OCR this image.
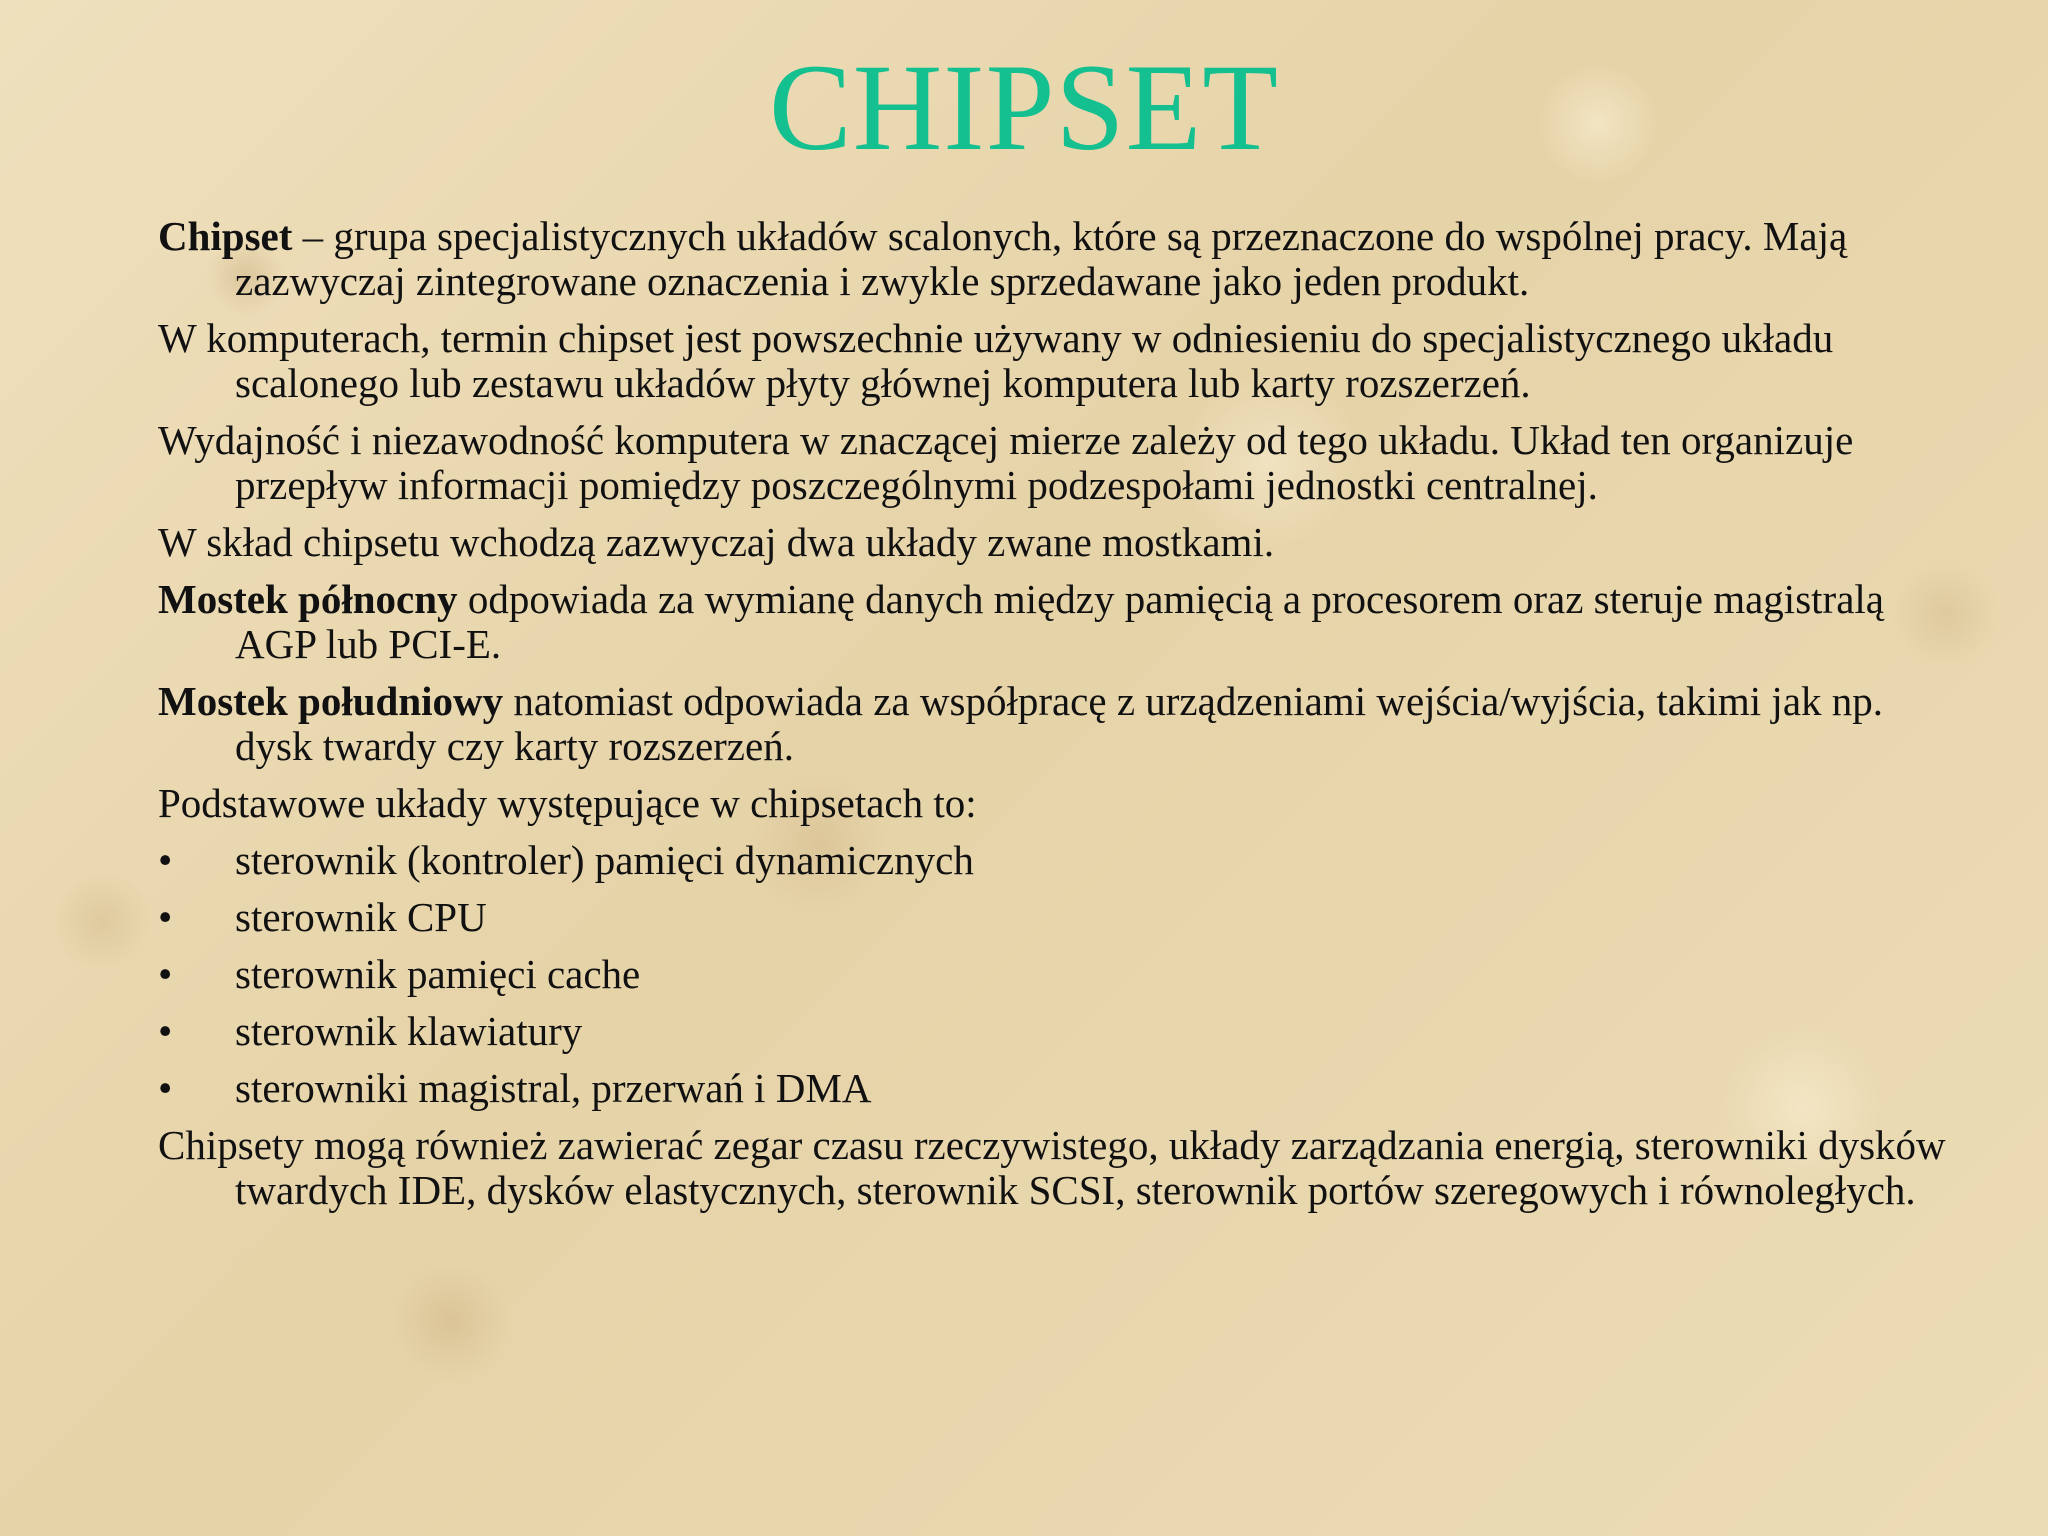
CHIPSET

Chipset – grupa specjalistycznych układów scalonych, które są przeznaczone do wspólnej pracy. Mają zazwyczaj zintegrowane oznaczenia i zwykle sprzedawane jako jeden produkt.

W komputerach, termin chipset jest powszechnie używany w odniesieniu do specjalistycznego układu scalonego lub zestawu układów płyty głównej komputera lub karty rozszerzeń.

Wydajność i niezawodność komputera w znaczącej mierze zależy od tego układu. Układ ten organizuje przepływ informacji pomiędzy poszczególnymi podzespołami jednostki centralnej.

W skład chipsetu wchodzą zazwyczaj dwa układy zwane mostkami.

Mostek północny odpowiada za wymianę danych między pamięcią a procesorem oraz steruje magistralą AGP lub PCI-E.

Mostek południowy natomiast odpowiada za współpracę z urządzeniami wejścia/wyjścia, takimi jak np. dysk twardy czy karty rozszerzeń.

Podstawowe układy występujące w chipsetach to:

• sterownik (kontroler) pamięci dynamicznych
• sterownik CPU
• sterownik pamięci cache
• sterownik klawiatury
• sterowniki magistral, przerwań i DMA

Chipsety mogą również zawierać zegar czasu rzeczywistego, układy zarządzania energią, sterowniki dysków twardych IDE, dysków elastycznych, sterownik SCSI, sterownik portów szeregowych i równoległych.
